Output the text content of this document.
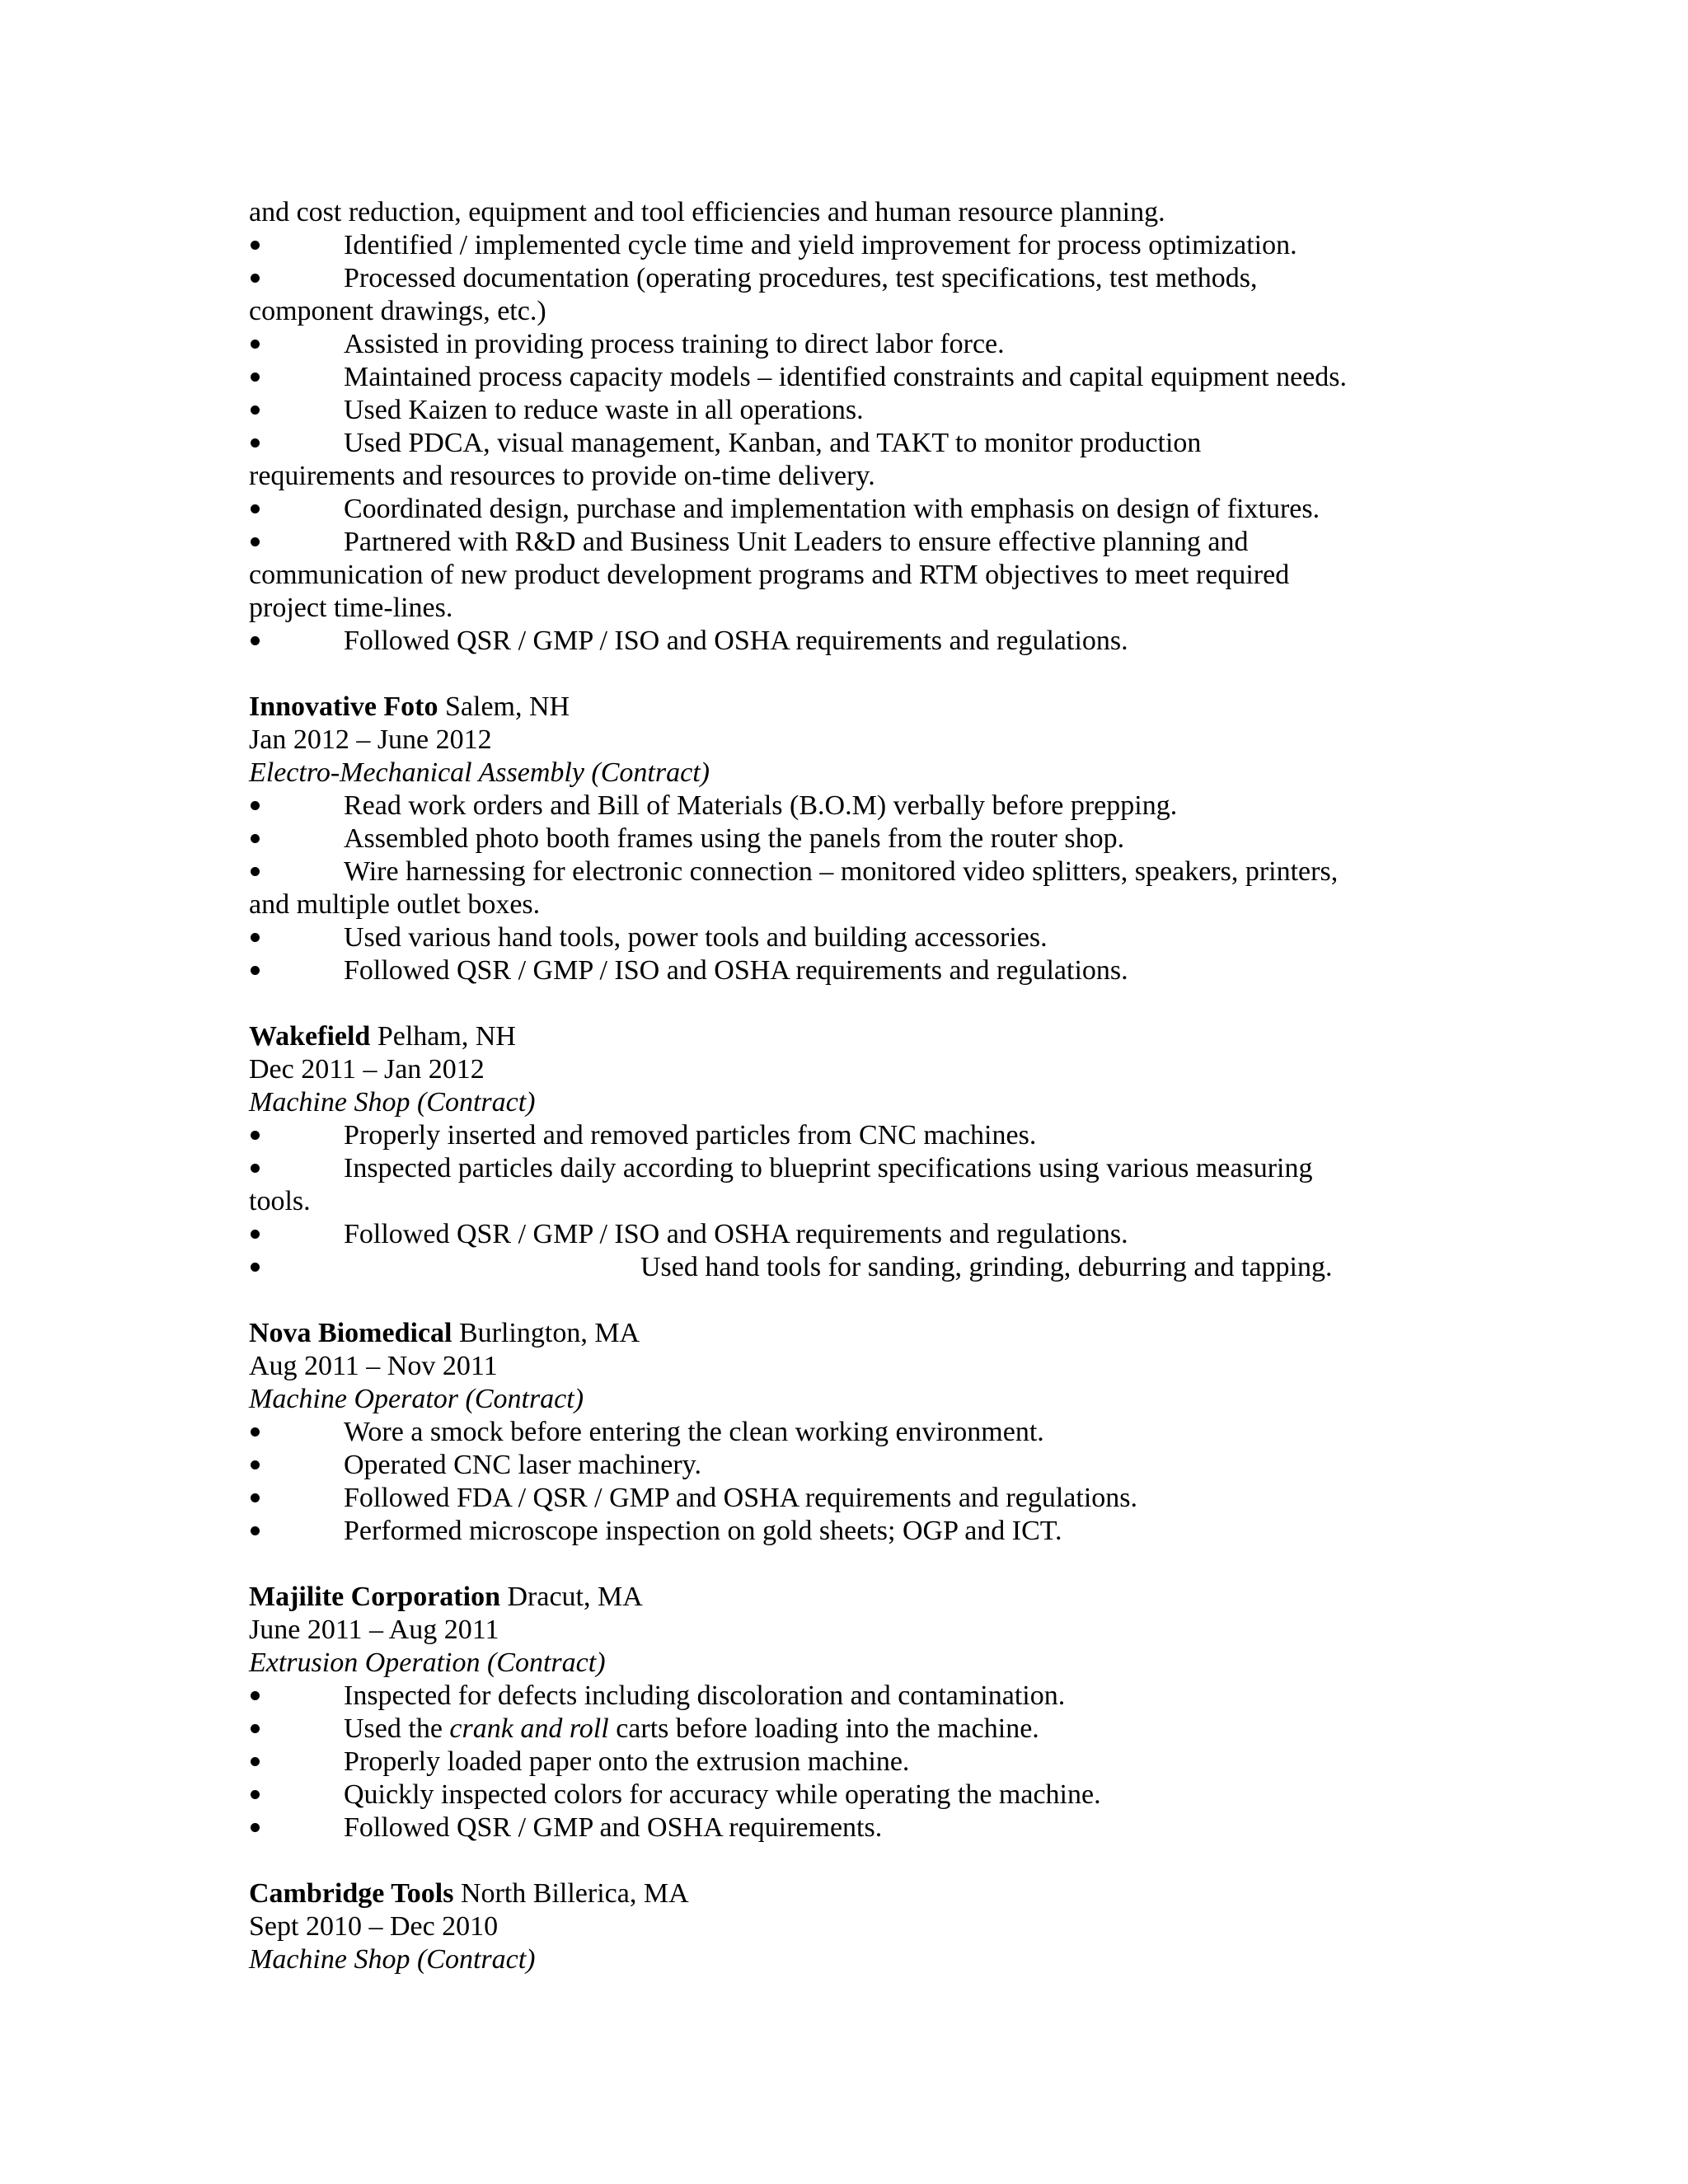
and cost reduction, equipment and tool efficiencies and human resource planning.
Identified / implemented cycle time and yield improvement for process optimization.
Processed documentation (operating procedures, test specifications, test methods,
component drawings, etc.)
Assisted in providing process training to direct labor force.
Maintained process capacity models – identified constraints and capital equipment needs.
Used Kaizen to reduce waste in all operations.
Used PDCA, visual management, Kanban, and TAKT to monitor production
requirements and resources to provide on-time delivery.
Coordinated design, purchase and implementation with emphasis on design of fixtures.
Partnered with R&D and Business Unit Leaders to ensure effective planning and
communication of new product development programs and RTM objectives to meet required
project time-lines.
Followed QSR / GMP / ISO and OSHA requirements and regulations.
Innovative Foto Salem, NH
Jan 2012 – June 2012
Electro-Mechanical Assembly (Contract)
Read work orders and Bill of Materials (B.O.M) verbally before prepping.
Assembled photo booth frames using the panels from the router shop.
Wire harnessing for electronic connection – monitored video splitters, speakers, printers,
and multiple outlet boxes.
Used various hand tools, power tools and building accessories.
Followed QSR / GMP / ISO and OSHA requirements and regulations.
Wakefield Pelham, NH
Dec 2011 – Jan 2012
Machine Shop (Contract)
Properly inserted and removed particles from CNC machines.
Inspected particles daily according to blueprint specifications using various measuring
tools.
Followed QSR / GMP / ISO and OSHA requirements and regulations.
Used hand tools for sanding, grinding, deburring and tapping.
Nova Biomedical Burlington, MA
Aug 2011 – Nov 2011
Machine Operator (Contract)
Wore a smock before entering the clean working environment.
Operated CNC laser machinery.
Followed FDA / QSR / GMP and OSHA requirements and regulations.
Performed microscope inspection on gold sheets; OGP and ICT.
Majilite Corporation Dracut, MA
June 2011 – Aug 2011
Extrusion Operation (Contract)
Inspected for defects including discoloration and contamination.
Used the crank and roll carts before loading into the machine.
Properly loaded paper onto the extrusion machine.
Quickly inspected colors for accuracy while operating the machine.
Followed QSR / GMP and OSHA requirements.
Cambridge Tools North Billerica, MA
Sept 2010 – Dec 2010
Machine Shop (Contract)
